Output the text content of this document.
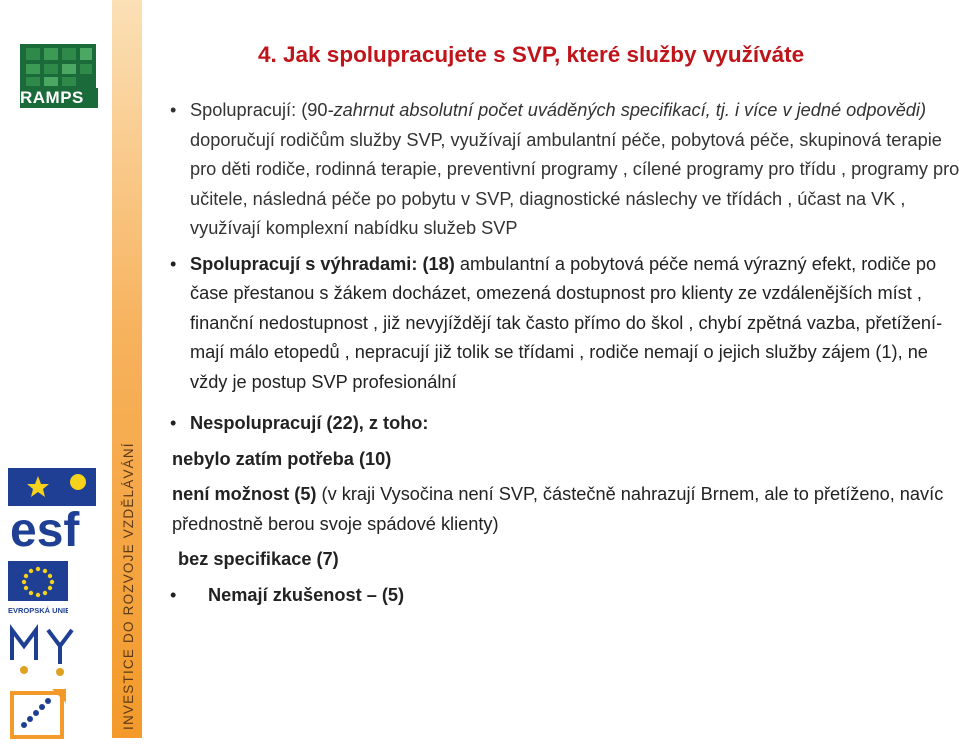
INVESTICE DO ROZVOJE VZDĚLÁVÁNÍ
RAMPS
esf

EVROPSKÁ UNIE

4. Jak spolupracujete s SVP, které služby využíváte
• Spolupracují: (90-zahrnut absolutní počet uváděných specifikací, tj. i více v jedné odpovědi) doporučují rodičům služby SVP, využívají ambulantní péče, pobytová péče, skupinová terapie pro děti rodiče, rodinná terapie, preventivní programy , cílené programy pro třídu , programy pro učitele, následná péče po pobytu v SVP, diagnostické náslechy ve třídách , účast na VK , využívají komplexní nabídku služeb SVP
• Spolupracují s výhradami: (18) ambulantní a pobytová péče nemá výrazný efekt, rodiče po čase přestanou s žákem docházet, omezená dostupnost pro klienty ze vzdálenějších míst , finanční nedostupnost , již nevyjíždějí tak často přímo do škol , chybí zpětná vazba, přetížení- mají málo etopedů , nepracují již tolik se třídami , rodiče nemají o jejich služby zájem (1), ne vždy je postup SVP profesionální
• Nespolupracují (22), z toho:
nebylo zatím potřeba (10)
není možnost (5) (v kraji Vysočina není SVP, částečně nahrazují Brnem, ale to přetíženo, navíc přednostně berou svoje spádové klienty)
bez specifikace (7)
• Nemají zkušenost – (5)
